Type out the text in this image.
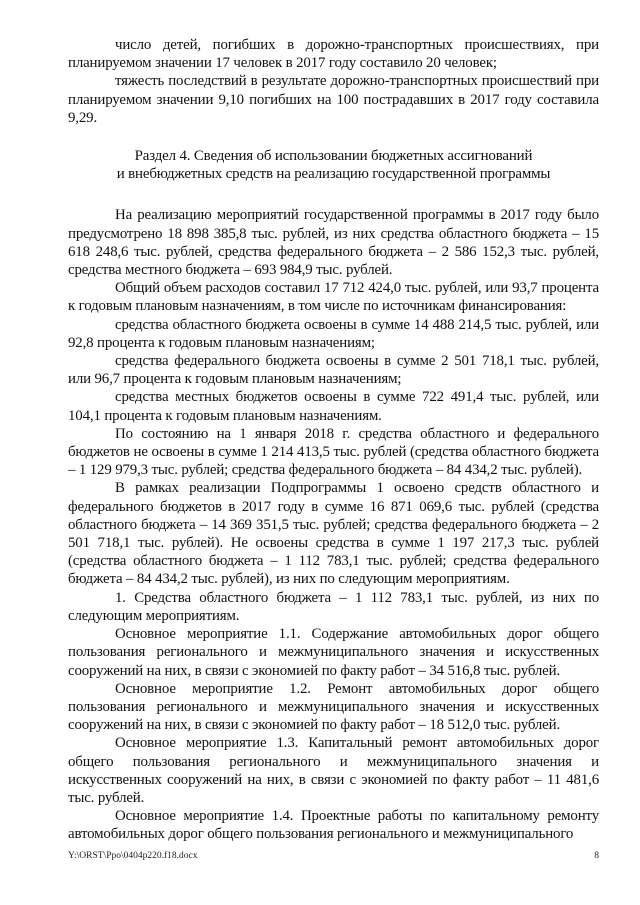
число детей, погибших в дорожно-транспортных происшествиях, при планируемом значении 17 человек в 2017 году составило 20 человек;

тяжесть последствий в результате дорожно-транспортных происшествий при планируемом значении 9,10 погибших на 100 пострадавших в 2017 году составила 9,29.

Раздел 4. Сведения об использовании бюджетных ассигнований
и внебюджетных средств на реализацию государственной программы

На реализацию мероприятий государственной программы в 2017 году было предусмотрено 18 898 385,8 тыс. рублей, из них средства областного бюджета – 15 618 248,6 тыс. рублей, средства федерального бюджета – 2 586 152,3 тыс. рублей, средства местного бюджета – 693 984,9 тыс. рублей.

Общий объем расходов составил 17 712 424,0 тыс. рублей, или 93,7 процента к годовым плановым назначениям, в том числе по источникам финансирования:

средства областного бюджета освоены в сумме 14 488 214,5 тыс. рублей, или 92,8 процента к годовым плановым назначениям;

средства федерального бюджета освоены в сумме 2 501 718,1 тыс. рублей, или 96,7 процента к годовым плановым назначениям;

средства местных бюджетов освоены в сумме 722 491,4 тыс. рублей, или 104,1 процента к годовым плановым назначениям.

По состоянию на 1 января 2018 г. средства областного и федерального бюджетов не освоены в сумме 1 214 413,5 тыс. рублей (средства областного бюджета – 1 129 979,3 тыс. рублей; средства федерального бюджета – 84 434,2 тыс. рублей).

В рамках реализации Подпрограммы 1 освоено средств областного и федерального бюджетов в 2017 году в сумме 16 871 069,6 тыс. рублей (средства областного бюджета – 14 369 351,5 тыс. рублей; средства федерального бюджета – 2 501 718,1 тыс. рублей). Не освоены средства в сумме 1 197 217,3 тыс. рублей (средства областного бюджета – 1 112 783,1 тыс. рублей; средства федерального бюджета – 84 434,2 тыс. рублей), из них по следующим мероприятиям.

1. Средства областного бюджета – 1 112 783,1 тыс. рублей, из них по следующим мероприятиям.

Основное мероприятие 1.1. Содержание автомобильных дорог общего пользования регионального и межмуниципального значения и искусственных сооружений на них, в связи с экономией по факту работ – 34 516,8 тыс. рублей.

Основное мероприятие 1.2. Ремонт автомобильных дорог общего пользования регионального и межмуниципального значения и искусственных сооружений на них, в связи с экономией по факту работ – 18 512,0 тыс. рублей.

Основное мероприятие 1.3. Капитальный ремонт автомобильных дорог общего пользования регионального и межмуниципального значения и искусственных сооружений на них, в связи с экономией по факту работ – 11 481,6 тыс. рублей.

Основное мероприятие 1.4. Проектные работы по капитальному ремонту автомобильных дорог общего пользования регионального и межмуниципального

Y:\ORST\Ppo\0404p220.f18.docx	8
